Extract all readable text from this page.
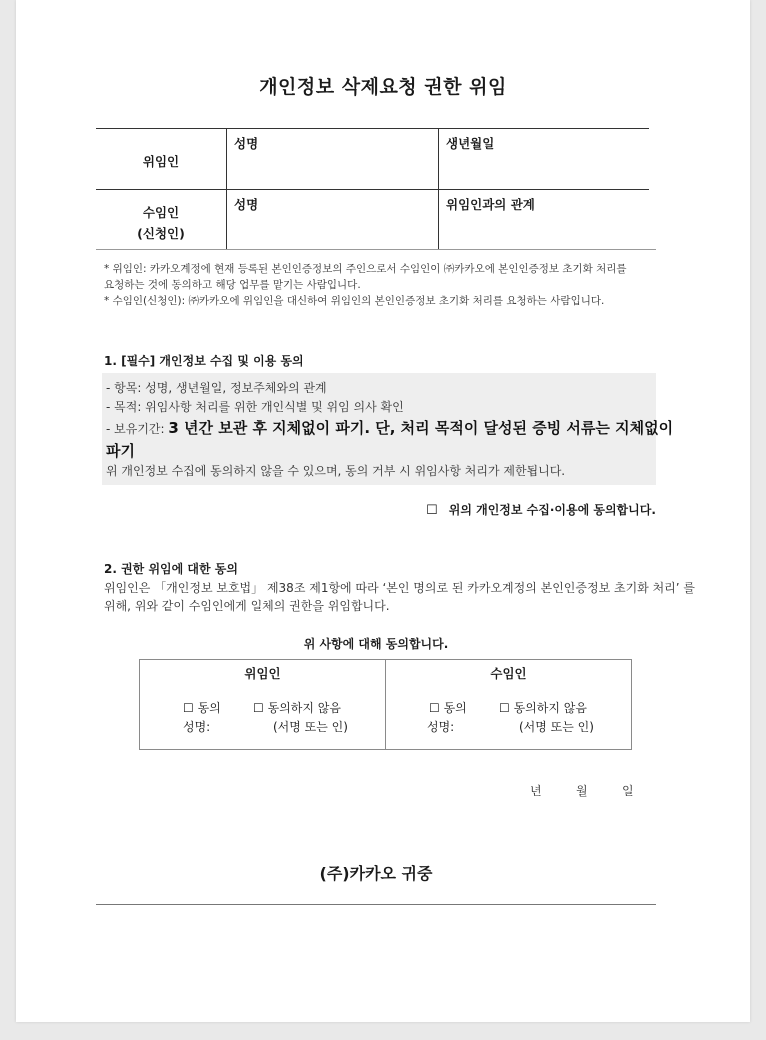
개인정보 삭제요청 권한 위임
위임인
성명	생년월일
수임인
(신청인)
성명	위임인과의 관계
* 위임인: 카카오계정에 현재 등록된 본인인증정보의 주인으로서 수임인이 ㈜카카오에 본인인증정보 초기화 처리를
요청하는 것에 동의하고 해당 업무를 맡기는 사람입니다.
* 수임인(신청인): ㈜카카오에 위임인을 대신하여 위임인의 본인인증정보 초기화 처리를 요청하는 사람입니다.
1. [필수] 개인정보 수집 및 이용 동의
- 항목: 성명, 생년월일, 정보주체와의 관계
- 목적: 위임사항 처리를 위한 개인식별 및 위임 의사 확인
- 보유기간: 3 년간 보관 후 지체없이 파기. 단, 처리 목적이 달성된 증빙 서류는 지체없이
파기
위 개인정보 수집에 동의하지 않을 수 있으며, 동의 거부 시 위임사항 처리가 제한됩니다.
☐ 위의 개인정보 수집·이용에 동의합니다.
2. 권한 위임에 대한 동의
위임인은 「개인정보 보호법」 제38조 제1항에 따라 ‘본인 명의로 된 카카오계정의 본인인증정보 초기화 처리’ 를
위해, 위와 같이 수임인에게 일체의 권한을 위임합니다.
위 사항에 대해 동의합니다.
위임인
☐ 동의	☐ 동의하지 않음
성명:	(서명 또는 인)
수임인
☐ 동의	☐ 동의하지 않음
성명:	(서명 또는 인)
년	월	일
(주)카카오 귀중
